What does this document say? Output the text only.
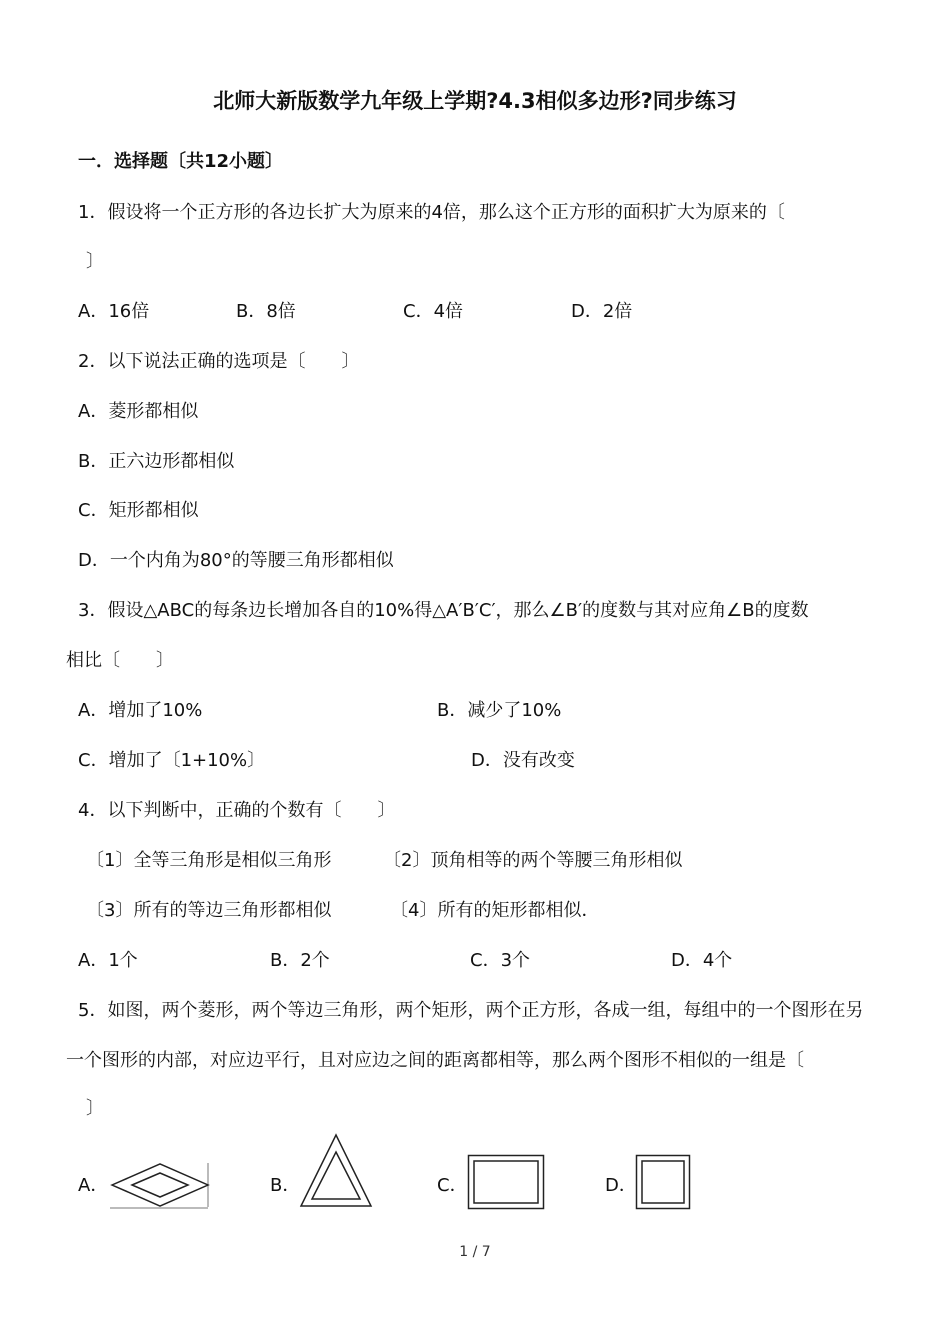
北师大新版数学九年级上学期?4.3相似多边形?同步练习
一．选择题〔共12小题〕
1．假设将一个正方形的各边长扩大为原来的4倍，那么这个正方形的面积扩大为原来的〔
〕
A．16倍	B．8倍	C．4倍	D．2倍
2．以下说法正确的选项是〔　　〕
A．菱形都相似
B．正六边形都相似
C．矩形都相似
D．一个内角为80°的等腰三角形都相似
3．假设△ABC的每条边长增加各自的10%得△A′B′C′，那么∠B′的度数与其对应角∠B的度数
相比〔　　〕
A．增加了10%	B．减少了10%
C．增加了〔1+10%〕	D．没有改变
4．以下判断中，正确的个数有〔　　〕
〔1〕全等三角形是相似三角形	〔2〕顶角相等的两个等腰三角形相似
〔3〕所有的等边三角形都相似	〔4〕所有的矩形都相似．
A．1个	B．2个	C．3个	D．4个
5．如图，两个菱形，两个等边三角形，两个矩形，两个正方形，各成一组，每组中的一个图形在另
一个图形的内部，对应边平行，且对应边之间的距离都相等，那么两个图形不相似的一组是〔
〕
A．	B．	C．	D．
1 / 7
